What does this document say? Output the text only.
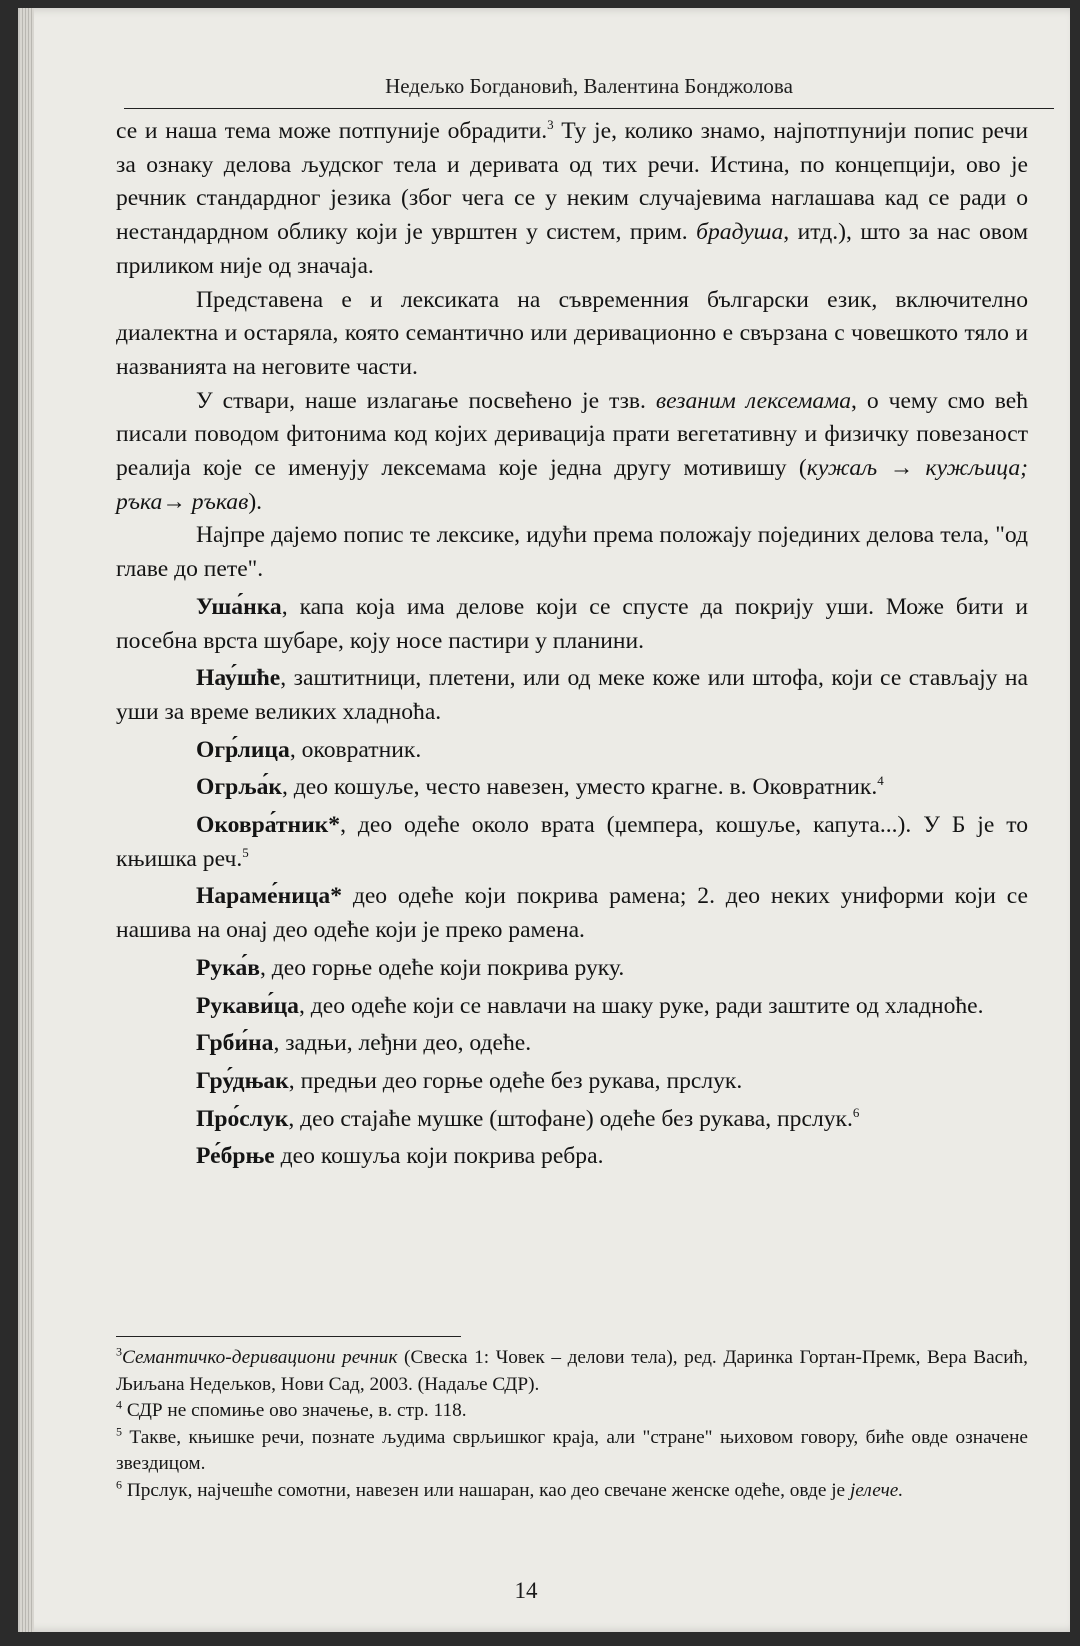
Недељко Богдановић, Валентина Бонджолова

се и наша тема може потпуније обрадити.$^3$ Ту је, колико знамо, најпотпунији попис речи за ознаку делова људског тела и деривата од тих речи. Истина, по концепцији, ово је речник стандардног језика (због чега се у неким случајевима наглашава кад се ради о нестандардном облику који је уврштен у систем, прим. брадуша, итд.), што за нас овом приликом није од значаја.

Представена е и лексиката на съвременния български език, включително диалектна и остаряла, която семантично или деривационно е свързана с човешкото тяло и названията на неговите части.

У ствари, наше излагање посвећено је тзв. везаним лексемама, о чему смо већ писали поводом фитонима код којих деривација прати вегетативну и физичку повезаност реалија које се именују лексемама које једна другу мотивишу (кужаљ → кужљица; ръка→ ръкав).

Најпре дајемо попис те лексике, идући према положају појединих делова тела, "од главе до пете".

Уша́нка, капа која има делове који се спусте да покрију уши. Може бити и посебна врста шубаре, коју носе пастири у планини.

Нау́шће, заштитници, плетени, или од меке коже или штофа, који се стављају на уши за време великих хладноћа.

Огр́лица, оковратник.

Огрља́к, део кошуље, често навезен, уместо крагне. в. Оковратник.$^4$

Оковра́тник*, део одеће около врата (џемпера, кошуље, капута...). У Б је то књишка реч.$^5$

Нараме́ница* део одеће који покрива рамена; 2. део неких униформи који се нашива на онај део одеће који је преко рамена.

Рука́в, део горње одеће који покрива руку.

Рукави́ца, део одеће који се навлачи на шаку руке, ради заштите од хладноће.

Грби́на, задњи, леђни део, одеће.

Гру́дњак, предњи део горње одеће без рукава, прслук.

Про́слук, део стајаће мушке (штофане) одеће без рукава, прслук.$^6$

Ре́брње део кошуља који покрива ребра.

$^3$Семантичко-деривациони речник (Свеска 1: Човек – делови тела), ред. Даринка Гортан-Премк, Вера Васић, Љиљана Недељков, Нови Сад, 2003. (Надаље СДР).

$^4$ СДР не спомиње ово значење, в. стр. 118.

$^5$ Такве, књишке речи, познате људима сврљишког краја, али "стране" њиховом говору, биће овде означене звездицом.

$^6$ Прслук, најчешће сомотни, навезен или нашаран, као део свечане женске одеће, овде је јелече.

14
